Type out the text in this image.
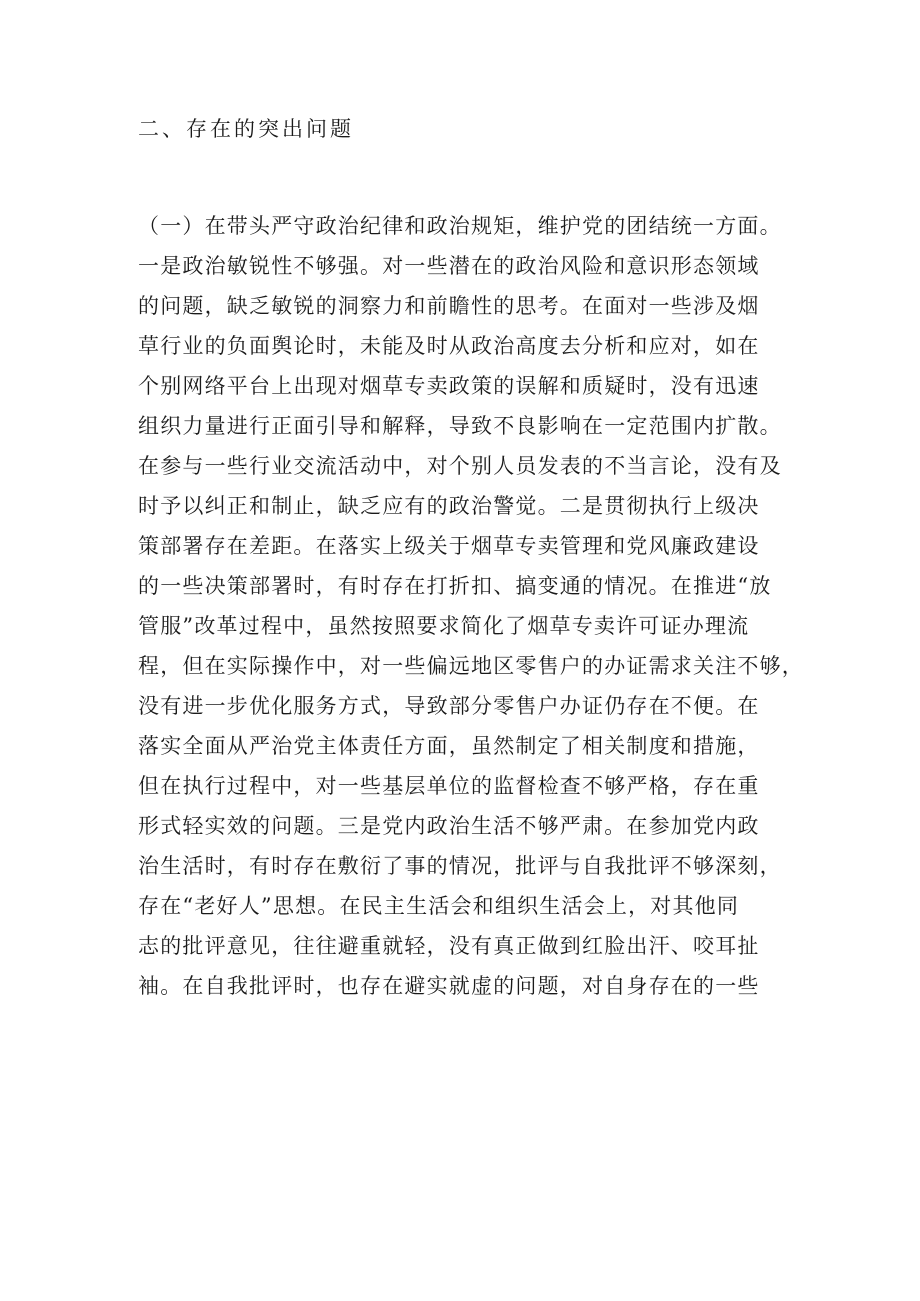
二、存在的突出问题
（一）在带头严守政治纪律和政治规矩，维护党的团结统一方面。
一是政治敏锐性不够强。对一些潜在的政治风险和意识形态领域
的问题，缺乏敏锐的洞察力和前瞻性的思考。在面对一些涉及烟
草行业的负面舆论时，未能及时从政治高度去分析和应对，如在
个别网络平台上出现对烟草专卖政策的误解和质疑时，没有迅速
组织力量进行正面引导和解释，导致不良影响在一定范围内扩散。
在参与一些行业交流活动中，对个别人员发表的不当言论，没有及
时予以纠正和制止，缺乏应有的政治警觉。二是贯彻执行上级决
策部署存在差距。在落实上级关于烟草专卖管理和党风廉政建设
的一些决策部署时，有时存在打折扣、搞变通的情况。在推进“放
管服”改革过程中，虽然按照要求简化了烟草专卖许可证办理流
程，但在实际操作中，对一些偏远地区零售户的办证需求关注不够，
没有进一步优化服务方式，导致部分零售户办证仍存在不便。在
落实全面从严治党主体责任方面，虽然制定了相关制度和措施，
但在执行过程中，对一些基层单位的监督检查不够严格，存在重
形式轻实效的问题。三是党内政治生活不够严肃。在参加党内政
治生活时，有时存在敷衍了事的情况，批评与自我批评不够深刻，
存在“老好人”思想。在民主生活会和组织生活会上，对其他同
志的批评意见，往往避重就轻，没有真正做到红脸出汗、咬耳扯
袖。在自我批评时，也存在避实就虚的问题，对自身存在的一些
